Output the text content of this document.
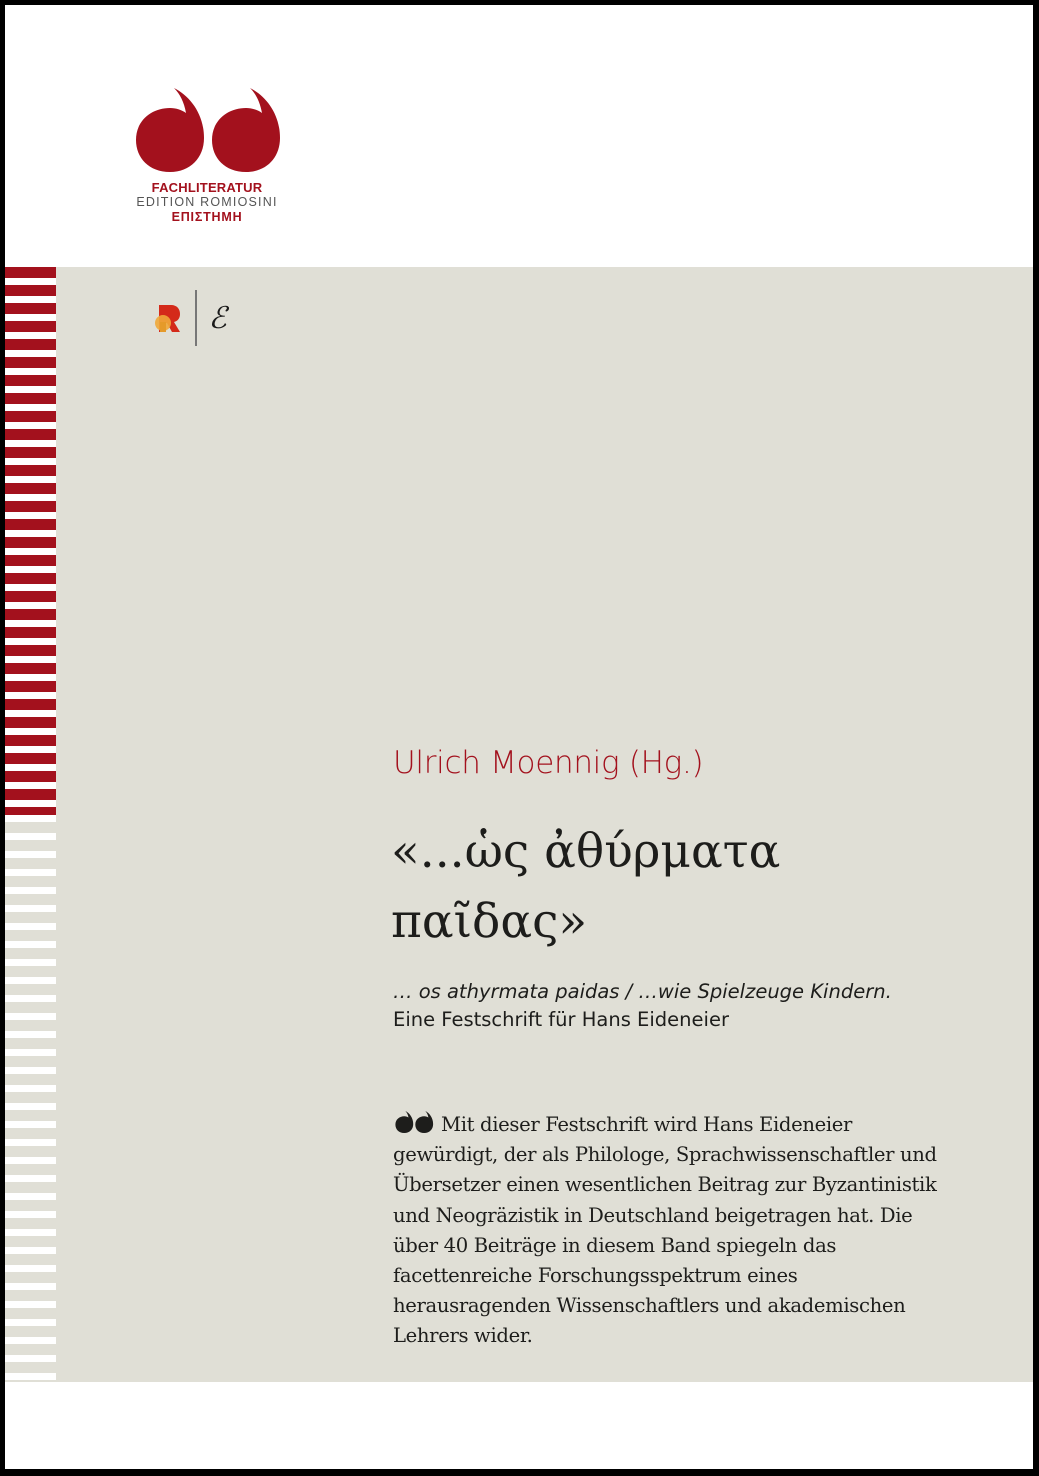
FACHLITERATUR
EDITION ROMIOSINI
ΕΠΙΣΤΗΜΗ
ℰ
Ulrich Moennig (Hg.)
«...ὡς ἀθύρματα
παῖδας»
… os athyrmata paidas / …wie Spielzeuge Kindern.
Eine Festschrift für Hans Eideneier
Mit dieser Festschrift wird Hans Eideneier gewürdigt, der als Philologe, Sprachwissenschaftler und Übersetzer einen wesentlichen Beitrag zur Byzantinistik und Neogräzistik in Deutschland beigetragen hat. Die über 40 Beiträge in diesem Band spiegeln das facettenreiche Forschungsspektrum eines herausragenden Wissenschaftlers und akademischen Lehrers wider.
